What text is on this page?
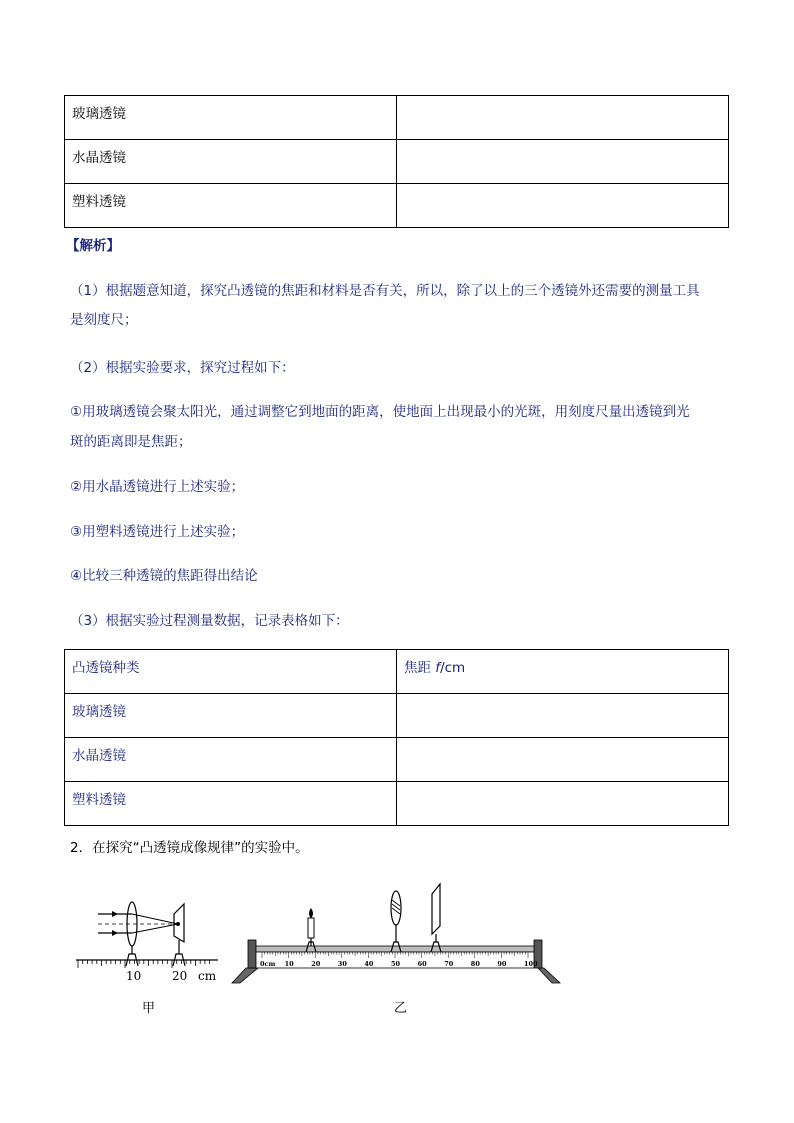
玻璃透镜	
水晶透镜	
塑料透镜	

【解析】

（1）根据题意知道，探究凸透镜的焦距和材料是否有关，所以，除了以上的三个透镜外还需要的测量工具

是刻度尺；

（2）根据实验要求，探究过程如下：

①用玻璃透镜会聚太阳光，通过调整它到地面的距离，使地面上出现最小的光斑，用刻度尺量出透镜到光

斑的距离即是焦距；

②用水晶透镜进行上述实验；

③用塑料透镜进行上述实验；

④比较三种透镜的焦距得出结论

（3）根据实验过程测量数据，记录表格如下：

凸透镜种类	焦距 f/cm
玻璃透镜	
水晶透镜	
塑料透镜	

2．在探究“凸透镜成像规律”的实验中。

10	20 cm
甲
0cm 10	20	30	40	50	60	70	80	90	100
乙
